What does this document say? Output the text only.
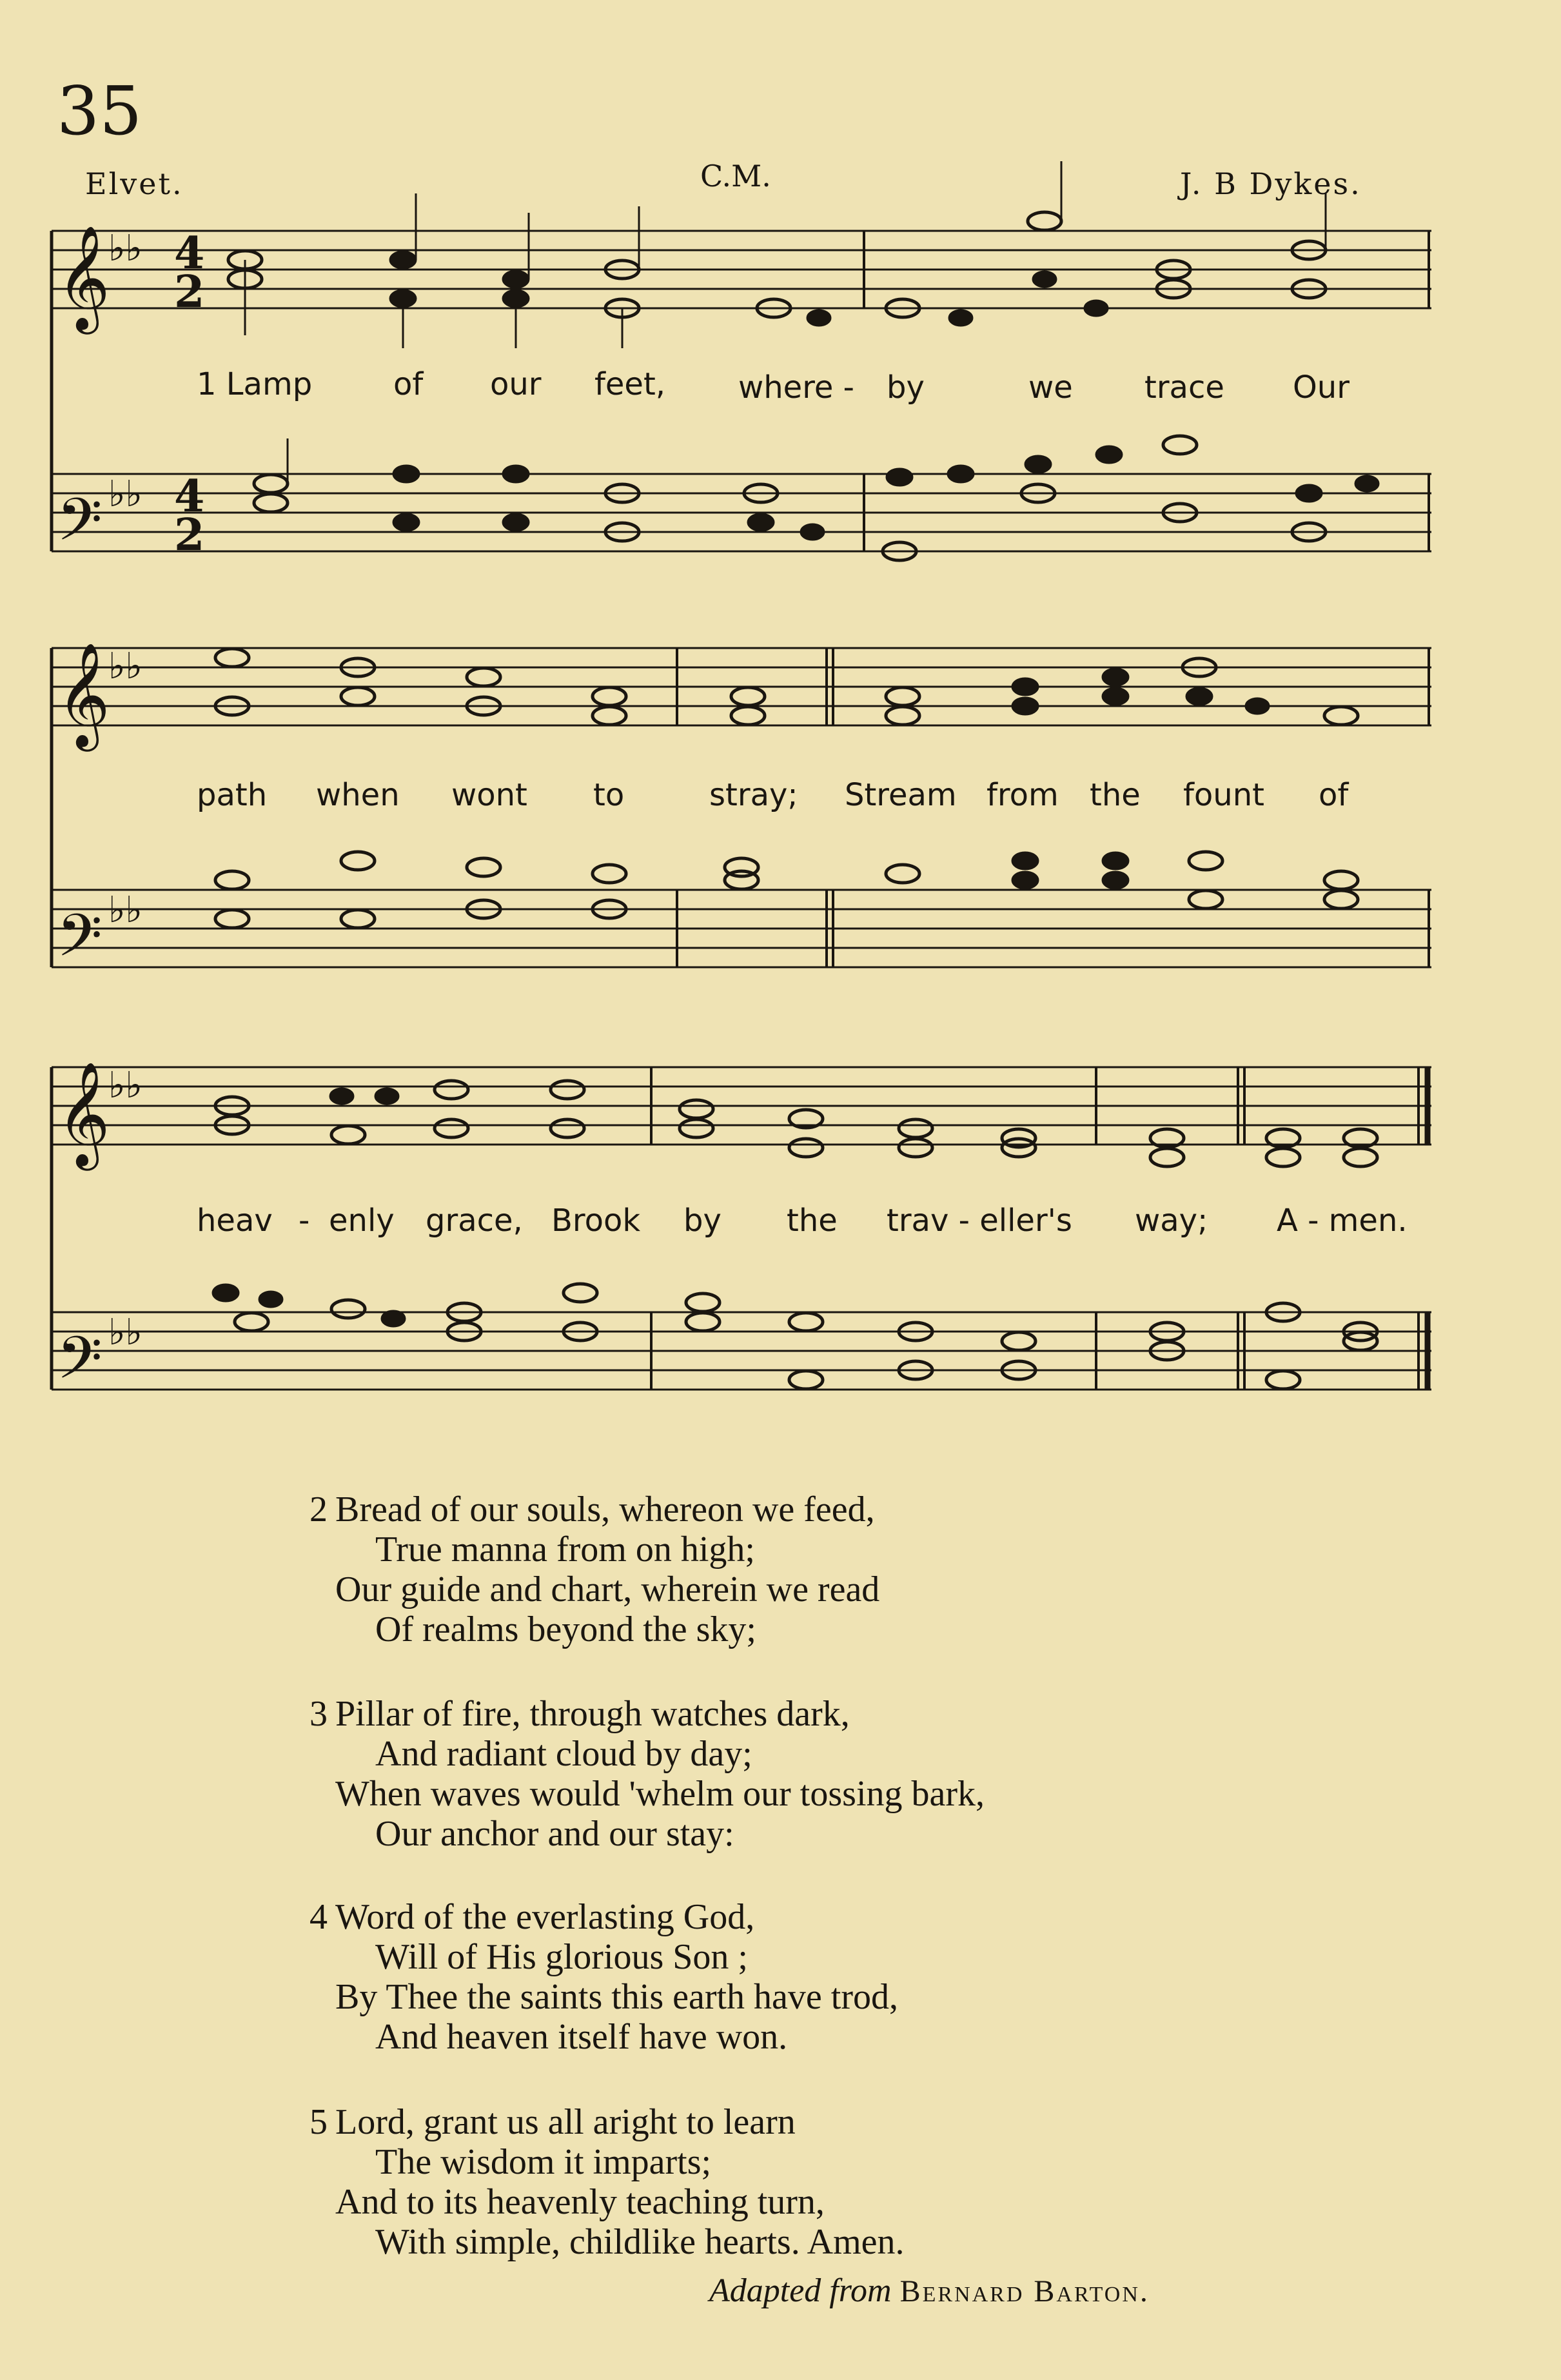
35
Elvet.	C.M.	J. B Dykes.
𝄞
𝄢
𝄞
𝄢
𝄞
𝄢
♭♭
♭♭
♭♭
♭♭
♭♭
♭♭
4
2
4
2
1 Lamp	of our feet, where - by	we trace Our
path when wont to	stray; Stream from the fount of
heav - enly grace, Brook by the trav - eller's way; A - men.
2 Bread of our souls, whereon we feed,
True manna from on high;
Our guide and chart, wherein we read
Of realms beyond the sky;
3 Pillar of fire, through watches dark,
And radiant cloud by day;
When waves would 'whelm our tossing bark,
Our anchor and our stay:
4 Word of the everlasting God,
Will of His glorious Son ;
By Thee the saints this earth have trod,
And heaven itself have won.
5 Lord, grant us all aright to learn
The wisdom it imparts;
And to its heavenly teaching turn,
With simple, childlike hearts. Amen.
Adapted from Bernard Barton.
